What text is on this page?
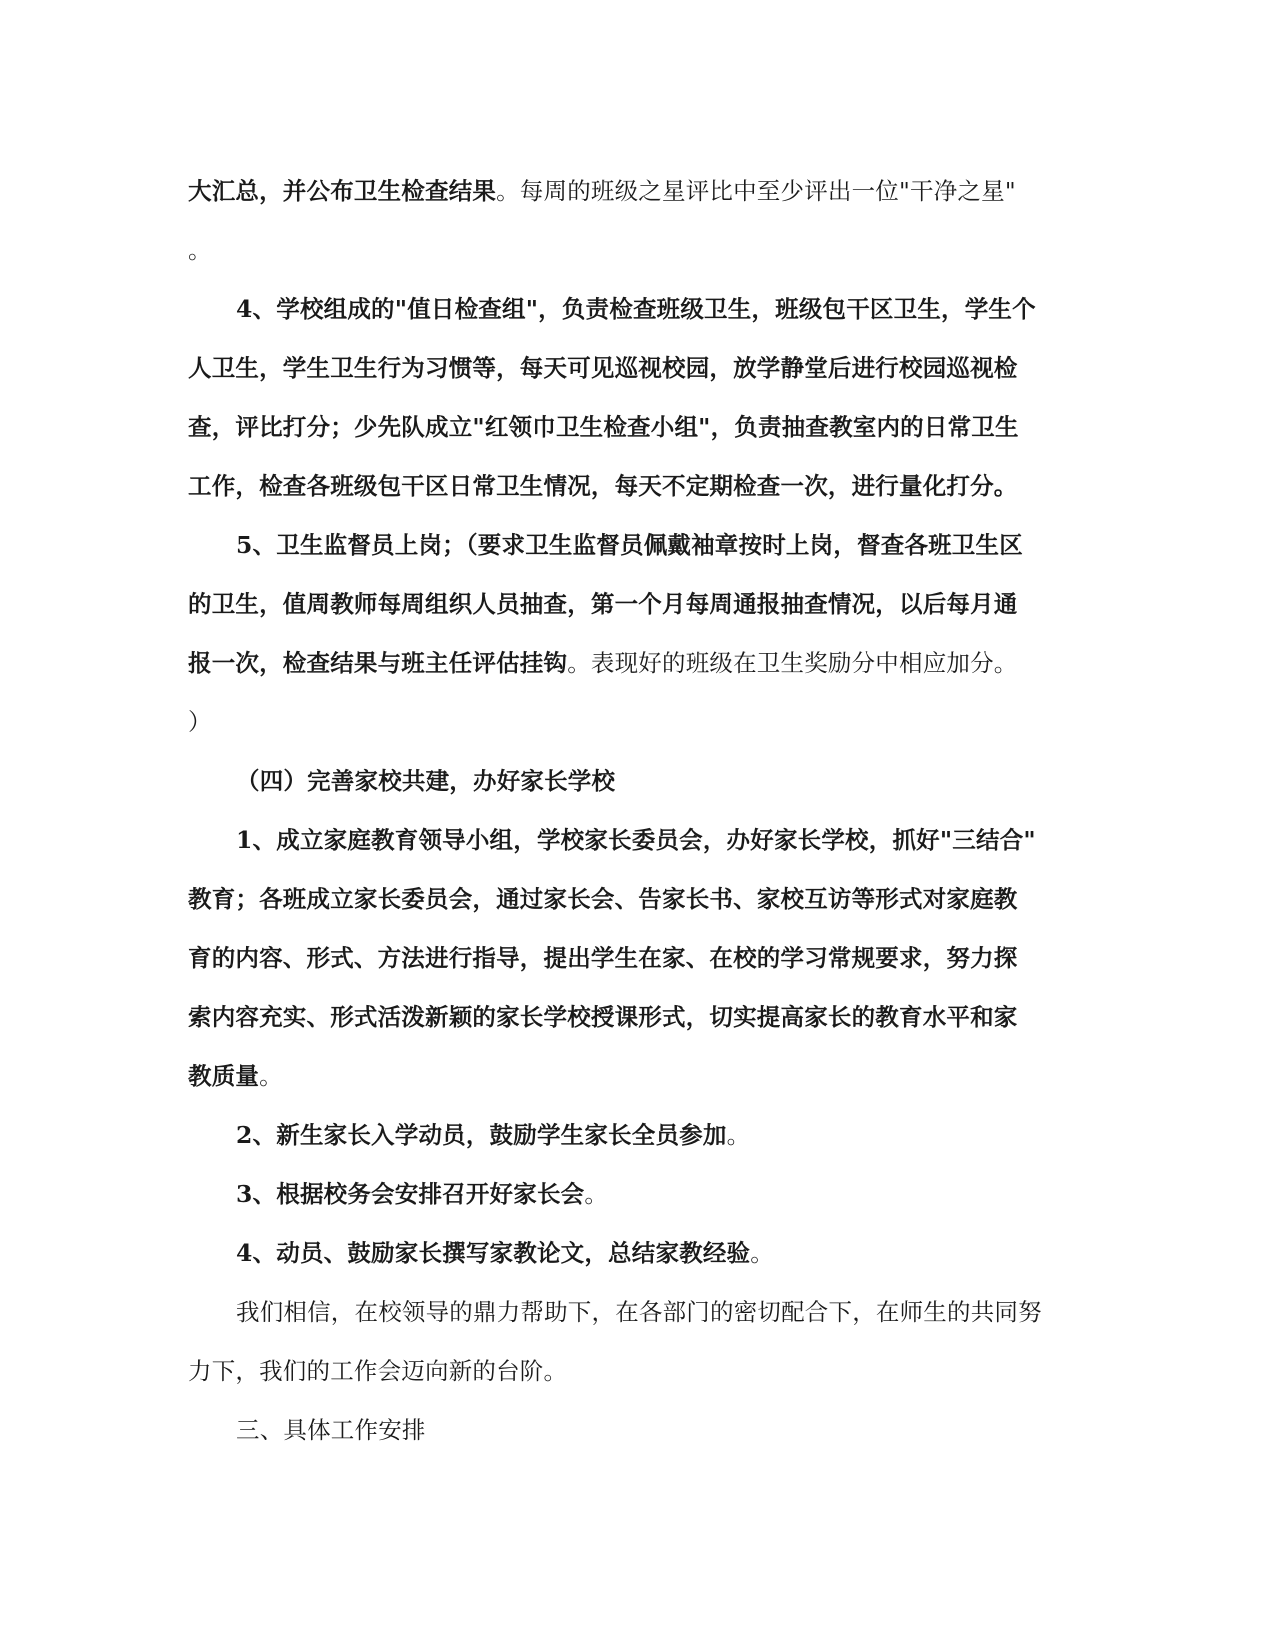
大汇总，并公布卫生检查结果。每周的班级之星评比中至少评出一位"干净之星"
。
4、学校组成的"值日检查组"，负责检查班级卫生，班级包干区卫生，学生个
人卫生，学生卫生行为习惯等，每天可见巡视校园，放学静堂后进行校园巡视检
查，评比打分；少先队成立"红领巾卫生检查小组"，负责抽查教室内的日常卫生
工作，检查各班级包干区日常卫生情况，每天不定期检查一次，进行量化打分。
5、卫生监督员上岗；（要求卫生监督员佩戴袖章按时上岗，督查各班卫生区
的卫生，值周教师每周组织人员抽查，第一个月每周通报抽查情况，以后每月通
报一次，检查结果与班主任评估挂钩。表现好的班级在卫生奖励分中相应加分。
）
（四）完善家校共建，办好家长学校
1、成立家庭教育领导小组，学校家长委员会，办好家长学校，抓好"三结合"
教育；各班成立家长委员会，通过家长会、告家长书、家校互访等形式对家庭教
育的内容、形式、方法进行指导，提出学生在家、在校的学习常规要求，努力探
索内容充实、形式活泼新颖的家长学校授课形式，切实提高家长的教育水平和家
教质量。
2、新生家长入学动员，鼓励学生家长全员参加。
3、根据校务会安排召开好家长会。
4、动员、鼓励家长撰写家教论文，总结家教经验。
我们相信，在校领导的鼎力帮助下，在各部门的密切配合下，在师生的共同努
力下，我们的工作会迈向新的台阶。
三、具体工作安排
